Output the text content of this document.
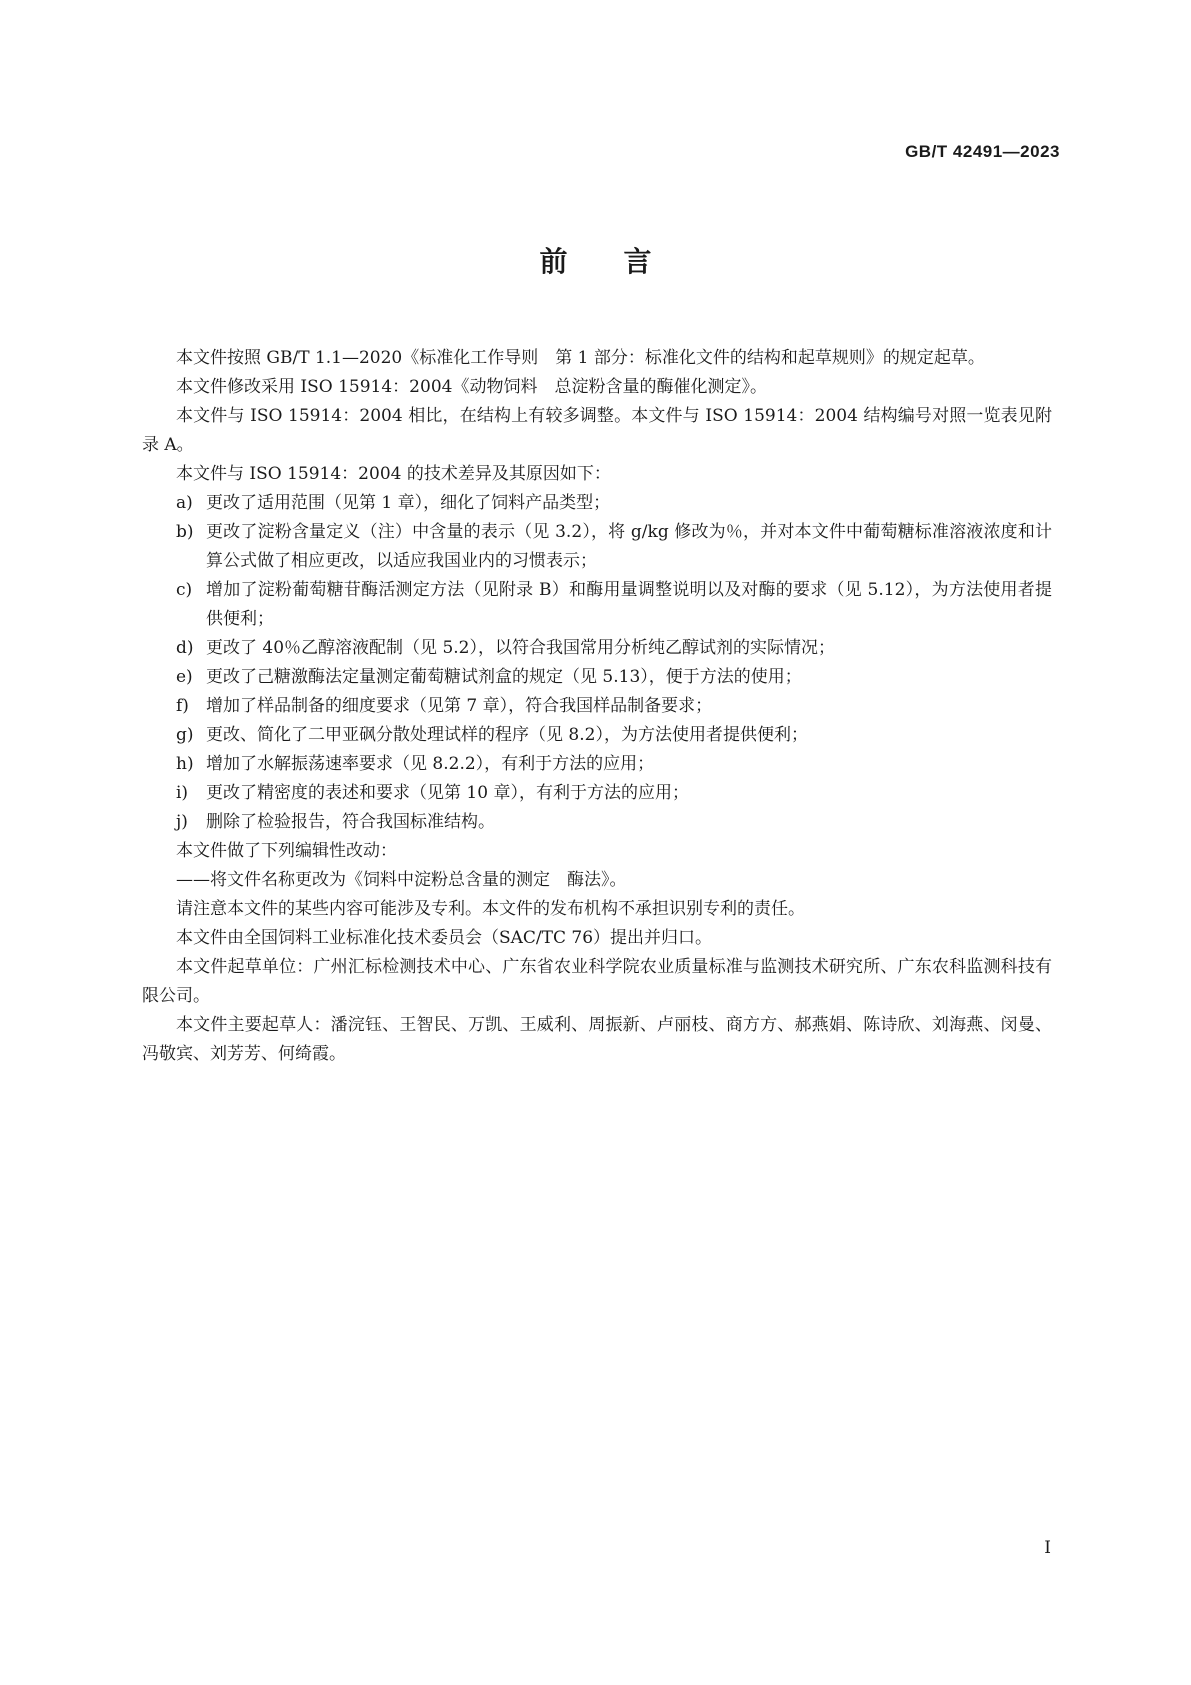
GB/T 42491—2023
前言

本文件按照 GB/T 1.1—2020《标准化工作导则　第 1 部分：标准化文件的结构和起草规则》的规定起草。

本文件修改采用 ISO 15914：2004《动物饲料　总淀粉含量的酶催化测定》。

本文件与 ISO 15914：2004 相比，在结构上有较多调整。本文件与 ISO 15914：2004 结构编号对照一览表见附录 A。

本文件与 ISO 15914：2004 的技术差异及其原因如下：

a) 更改了适用范围（见第 1 章），细化了饲料产品类型；
b) 更改了淀粉含量定义（注）中含量的表示（见 3.2），将 g/kg 修改为％，并对本文件中葡萄糖标准溶液浓度和计算公式做了相应更改，以适应我国业内的习惯表示；
c) 增加了淀粉葡萄糖苷酶活测定方法（见附录 B）和酶用量调整说明以及对酶的要求（见 5.12），为方法使用者提供便利；
d) 更改了 40％乙醇溶液配制（见 5.2），以符合我国常用分析纯乙醇试剂的实际情况；
e) 更改了己糖激酶法定量测定葡萄糖试剂盒的规定（见 5.13），便于方法的使用；
f) 增加了样品制备的细度要求（见第 7 章），符合我国样品制备要求；
g) 更改、简化了二甲亚砜分散处理试样的程序（见 8.2），为方法使用者提供便利；
h) 增加了水解振荡速率要求（见 8.2.2），有利于方法的应用；
i) 更改了精密度的表述和要求（见第 10 章），有利于方法的应用；
j) 删除了检验报告，符合我国标准结构。

本文件做了下列编辑性改动：

——将文件名称更改为《饲料中淀粉总含量的测定　酶法》。

请注意本文件的某些内容可能涉及专利。本文件的发布机构不承担识别专利的责任。

本文件由全国饲料工业标准化技术委员会（SAC/TC 76）提出并归口。

本文件起草单位：广州汇标检测技术中心、广东省农业科学院农业质量标准与监测技术研究所、广东农科监测科技有限公司。

本文件主要起草人：潘浣钰、王智民、万凯、王威利、周振新、卢丽枝、商方方、郝燕娟、陈诗欣、刘海燕、闵曼、冯敬宾、刘芳芳、何绮霞。

Ⅰ
